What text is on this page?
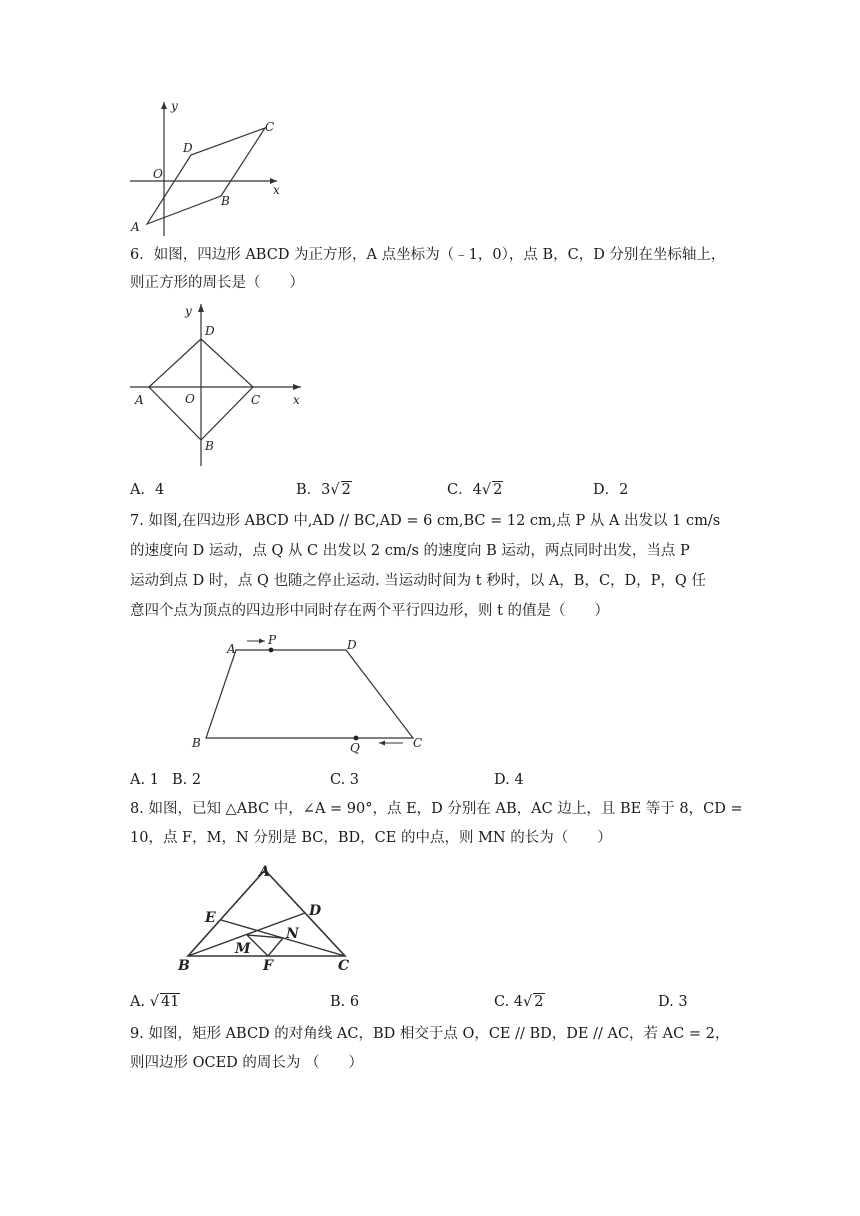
y
x
O
A
B
C
D
6．如图，四边形 ABCD 为正方形，A 点坐标为（﹣1，0），点 B，C，D 分别在坐标轴上，
则正方形的周长是（　　）
y
x
O
A
B
C
D
A．4	B．3√ 2	C．4√ 2	D．2
7. 如图,在四边形 ABCD 中,AD // BC,AD = 6 cm,BC = 12 cm,点 P 从 A 出发以 1 cm/s
的速度向 D 运动，点 Q 从 C 出发以 2 cm/s 的速度向 B 运动，两点同时出发，当点 P
运动到点 D 时，点 Q 也随之停止运动. 当运动时间为 t 秒时，以 A，B，C，D，P，Q 任
意四个点为顶点的四边形中同时存在两个平行四边形，则 t 的值是（　　）
A
P	D
B	Q	C
A. 1 B. 2	C. 3	D. 4
8. 如图，已知 △ABC 中，∠A = 90°，点 E，D 分别在 AB，AC 边上，且 BE 等于 8，CD =
10，点 F，M，N 分别是 BC，BD，CE 的中点，则 MN 的长为（　　）
A
E	D
N
M
B	F	C
A. √ 41	B. 6	C. 4√ 2	D. 3
9. 如图，矩形 ABCD 的对角线 AC，BD 相交于点 O，CE // BD，DE // AC，若 AC = 2，
则四边形 OCED 的周长为 （　　）
